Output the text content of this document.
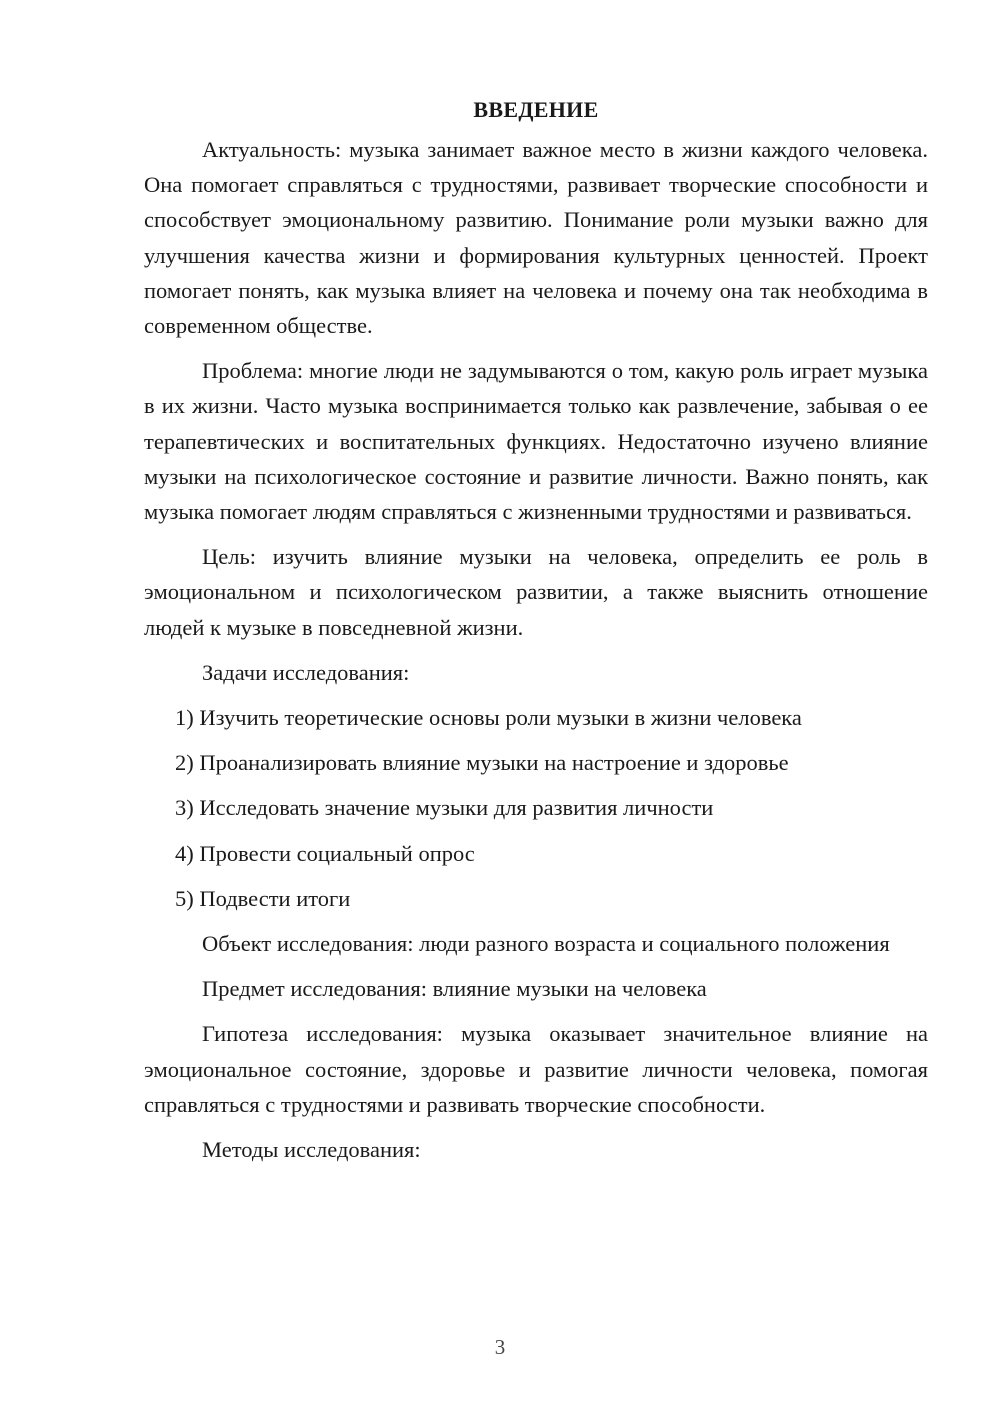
ВВЕДЕНИЕ

Актуальность: музыка занимает важное место в жизни каждого человека. Она помогает справляться с трудностями, развивает творческие способности и способствует эмоциональному развитию. Понимание роли музыки важно для улучшения качества жизни и формирования культурных ценностей. Проект помогает понять, как музыка влияет на человека и почему она так необходима в современном обществе.

Проблема: многие люди не задумываются о том, какую роль играет музыка в их жизни. Часто музыка воспринимается только как развлечение, забывая о ее терапевтических и воспитательных функциях. Недостаточно изучено влияние музыки на психологическое состояние и развитие личности. Важно понять, как музыка помогает людям справляться с жизненными трудностями и развиваться.

Цель: изучить влияние музыки на человека, определить ее роль в эмоциональном и психологическом развитии, а также выяснить отношение людей к музыке в повседневной жизни.

Задачи исследования:

1) Изучить теоретические основы роли музыки в жизни человека
2) Проанализировать влияние музыки на настроение и здоровье
3) Исследовать значение музыки для развития личности
4) Провести социальный опрос
5) Подвести итоги

Объект исследования: люди разного возраста и социального положения

Предмет исследования: влияние музыки на человека

Гипотеза исследования: музыка оказывает значительное влияние на эмоциональное состояние, здоровье и развитие личности человека, помогая справляться с трудностями и развивать творческие способности.

Методы исследования:

3
